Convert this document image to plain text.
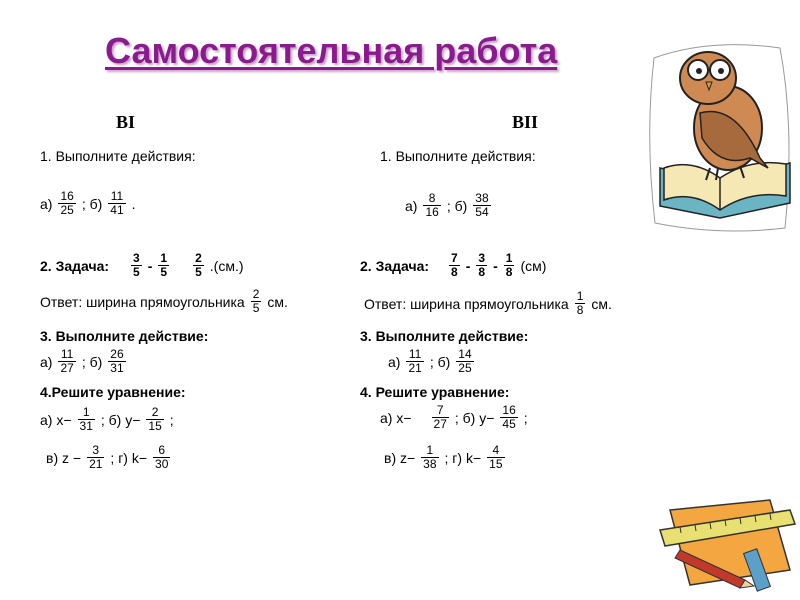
Самостоятельная работа
BI	BII
1. Выполните действия:
$а) \frac{16}{25}$ ; $б) \frac{11}{41}$ .
2. Задача: $\frac{3}{5} - \frac{1}{5} \frac{2}{5} .(см.)$
Ответ: ширина прямоугольника $\frac{2}{5}$ см.
3. Выполните действие:
$а) \frac{11}{27}$ ; $б) \frac{26}{31}$
4.Решите уравнение:
а) $х- \frac{1}{31}$ ; б) $у- \frac{2}{15}$ ;
в) $z - \frac{3}{21}$ ; г) $k- \frac{6}{30}$
1. Выполните действия:
$а) \frac{8}{16}$ ; $б) \frac{38}{54}$
2. Задача: $\frac{7}{8} - \frac{3}{8} - \frac{1}{8} (см)$
Ответ: ширина прямоугольника $\frac{1}{8}$ см.
3. Выполните действие:
$а) \frac{11}{21}$ ; $б) \frac{14}{25}$
4. Решите уравнение:
а) $х- \frac{7}{27}$ ; б) $у- \frac{16}{45}$ ;
в) $z- \frac{1}{38}$ ; г) $k- \frac{4}{15}$
